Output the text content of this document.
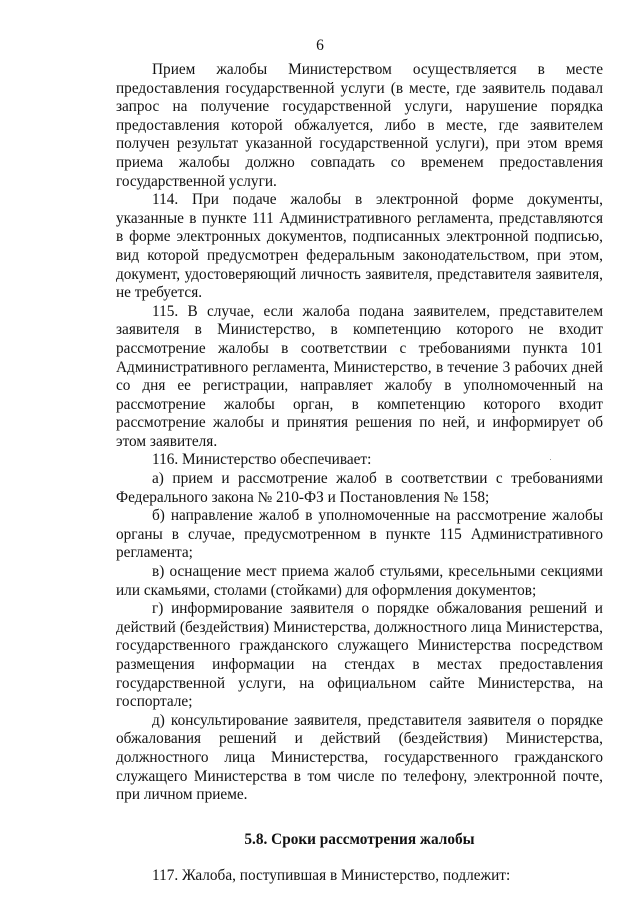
6

Прием жалобы Министерством осуществляется в месте предоставления государственной услуги (в месте, где заявитель подавал запрос на получение государственной услуги, нарушение порядка предоставления которой обжалуется, либо в месте, где заявителем получен результат указанной государственной услуги), при этом время приема жалобы должно совпадать со временем предоставления государственной услуги.

114. При подаче жалобы в электронной форме документы, указанные в пункте 111 Административного регламента, представляются в форме электронных документов, подписанных электронной подписью, вид которой предусмотрен федеральным законодательством, при этом, документ, удостоверяющий личность заявителя, представителя заявителя, не требуется.

115. В случае, если жалоба подана заявителем, представителем заявителя в Министерство, в компетенцию которого не входит рассмотрение жалобы в соответствии с требованиями пункта 101 Административного регламента, Министерство, в течение 3 рабочих дней со дня ее регистрации, направляет жалобу в уполномоченный на рассмотрение жалобы орган, в компетенцию которого входит рассмотрение жалобы и принятия решения по ней, и информирует об этом заявителя.

116. Министерство обеспечивает:

а) прием и рассмотрение жалоб в соответствии с требованиями Федерального закона № 210-ФЗ и Постановления № 158;

б) направление жалоб в уполномоченные на рассмотрение жалобы органы в случае, предусмотренном в пункте 115 Административного регламента;

в) оснащение мест приема жалоб стульями, кресельными секциями или скамьями, столами (стойками) для оформления документов;

г) информирование заявителя о порядке обжалования решений и действий (бездействия) Министерства, должностного лица Министерства, государственного гражданского служащего Министерства посредством размещения информации на стендах в местах предоставления государственной услуги, на официальном сайте Министерства, на госпортале;

д) консультирование заявителя, представителя заявителя о порядке обжалования решений и действий (бездействия) Министерства, должностного лица Министерства, государственного гражданского служащего Министерства в том числе по телефону, электронной почте, при личном приеме.

5.8. Сроки рассмотрения жалобы

117. Жалоба, поступившая в Министерство, подлежит:
